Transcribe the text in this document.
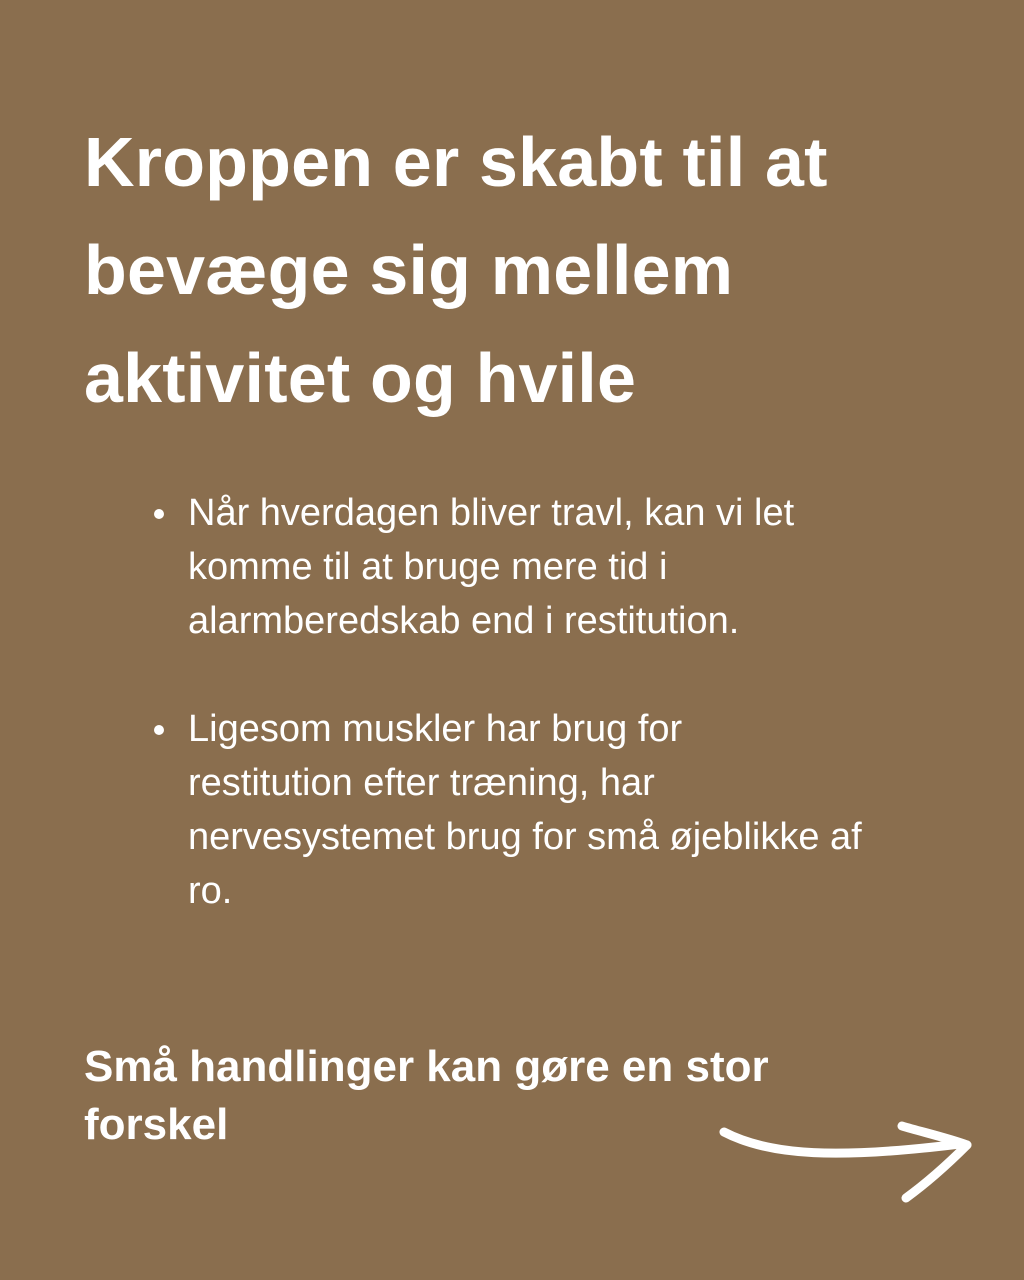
Kroppen er skabt til at
bevæge sig mellem
aktivitet og hvile
Når hverdagen bliver travl, kan vi let
komme til at bruge mere tid i
alarmberedskab end i restitution.
Ligesom muskler har brug for
restitution efter træning, har
nervesystemet brug for små øjeblikke af
ro.

Små handlinger kan gøre en stor
forskel
